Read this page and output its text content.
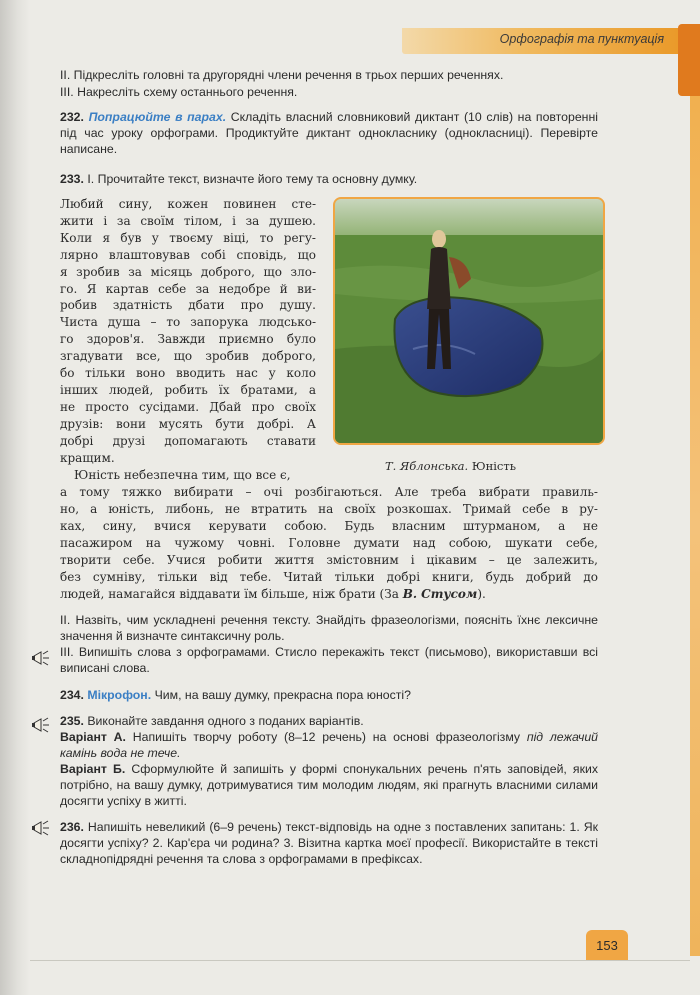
Орфографія та пунктуація

II. Підкресліть головні та другорядні члени речення в трьох перших реченнях.

III. Накресліть схему останнього речення.

232. Попрацюйте в парах. Складіть власний словниковий диктант (10 слів) на повторенні під час уроку орфограми. Продиктуйте диктант однокласнику (однокласниці). Перевірте написане.

233. І. Прочитайте текст, визначте його тему та основну думку.

Любий сину, кожен повинен сте-
жити і за своїм тілом, і за душею.
Коли я був у твоєму віці, то регу-
лярно влаштовував собі сповідь, що
я зробив за місяць доброго, що зло-
го. Я картав себе за недобре й ви-
робив здатність дбати про душу.
Чиста душа – то запорука людсько-
го здоров'я. Завжди приємно було
згадувати все, що зробив доброго,
бо тільки воно вводить нас у коло
інших людей, робить їх братами, а
не просто сусідами. Дбай про своїх
друзів: вони мусять бути добрі. А
добрі друзі допомагають ставати
кращим.
Т. Яблонська. Юність
Юність небезпечна тим, що все є,
а тому тяжко вибирати – очі розбігаються. Але треба вибрати правиль-
но, а юність, либонь, не втратить на своїх розкошах. Тримай себе в ру-
ках, сину, вчися керувати собою. Будь власним штурманом, а не
пасажиром на чужому човні. Головне думати над собою, шукати себе,
творити себе. Учися робити життя змістовним і цікавим – це залежить,
без сумніву, тільки від тебе. Читай тільки добрі книги, будь добрий до
людей, намагайся віддавати їм більше, ніж брати (За В. Стусом).

II. Назвіть, чим ускладнені речення тексту. Знайдіть фразеологізми, поясніть їхнє лексичне значення й визначте синтаксичну роль.

III. Випишіть слова з орфограмами. Стисло перекажіть текст (письмово), використавши всі виписані слова.

234. Мікрофон. Чим, на вашу думку, прекрасна пора юності?

235. Виконайте завдання одного з поданих варіантів.

Варіант А. Напишіть творчу роботу (8–12 речень) на основі фразеологізму під лежачий камінь вода не тече.

Варіант Б. Сформулюйте й запишіть у формі спонукальних речень п'ять заповідей, яких потрібно, на вашу думку, дотримуватися тим молодим людям, які прагнуть власними силами досягти успіху в житті.

236. Напишіть невеликий (6–9 речень) текст-відповідь на одне з поставлених запитань: 1. Як досягти успіху? 2. Кар'єра чи родина? 3. Візитна картка моєї професії. Використайте в тексті складнопідрядні речення та слова з орфограмами в префіксах.

153
